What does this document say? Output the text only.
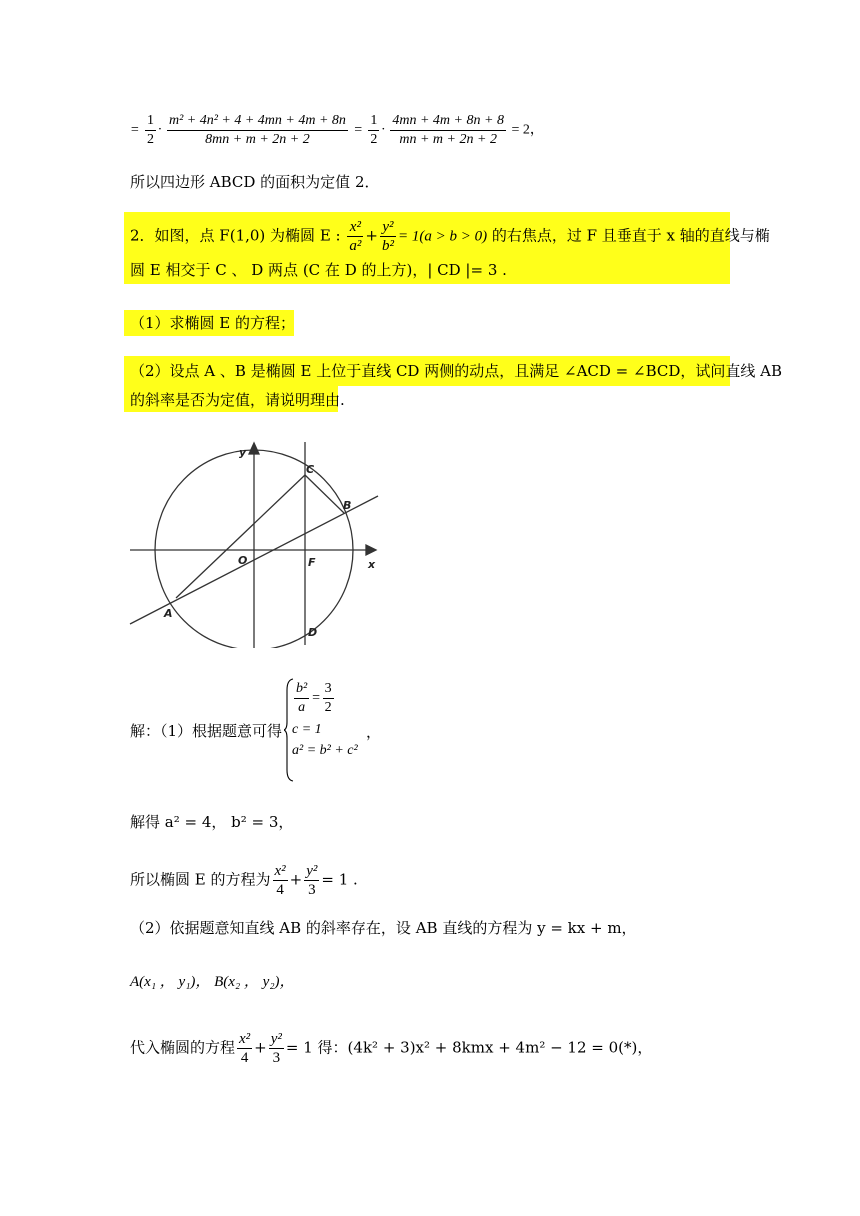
= $\frac{1}{2} \cdot \frac{\text{m² + 4n² + 4 + 4mn + 4m + 8n}}{8mn + m + 2n + 2} = \frac{1}{2} \cdot \frac{4mn + 4m + 8n + 8}{mn + m + 2n + 2} = 2$，
所以四边形 ABCD 的面积为定值 2．
2．如图，点 F(1,0) 为椭圆 E : $\frac{\text{x²}}{\text{a²}} + \frac{\text{y²}}{\text{b²}} = 1(a > b > 0)$ 的右焦点，过 F 且垂直于 x 轴的直线与椭
圆 E 相交于 C 、 D 两点 (C 在 D 的上方)，| CD |= 3 .
（1）求椭圆 E 的方程；
（2）设点 A 、B 是椭圆 E 上位于直线 CD 两侧的动点，且满足 ∠ACD = ∠BCD，试问直线 AB
的斜率是否为定值，请说明理由.
y
x
O	F
C
B
A
D
解：（1）根据题意可得
$\frac{\text{b²}}{a} = \frac{3}{2}$
c = 1
a² = b² + c²
，
解得 a² = 4， b² = 3，
所以椭圆 E 的方程为 $\frac{\text{x²}}{4} + \frac{\text{y²}}{3} = 1$ .
（2）依据题意知直线 AB 的斜率存在，设 AB 直线的方程为 y = kx + m，
A(x₁ ， y₁)， B(x₂ ， y₂)，
代入椭圆的方程 $\frac{\text{x²}}{4} + \frac{\text{y²}}{3} = 1$ 得：(4k² + 3)x² + 8kmx + 4m² − 12 = 0(*)，
